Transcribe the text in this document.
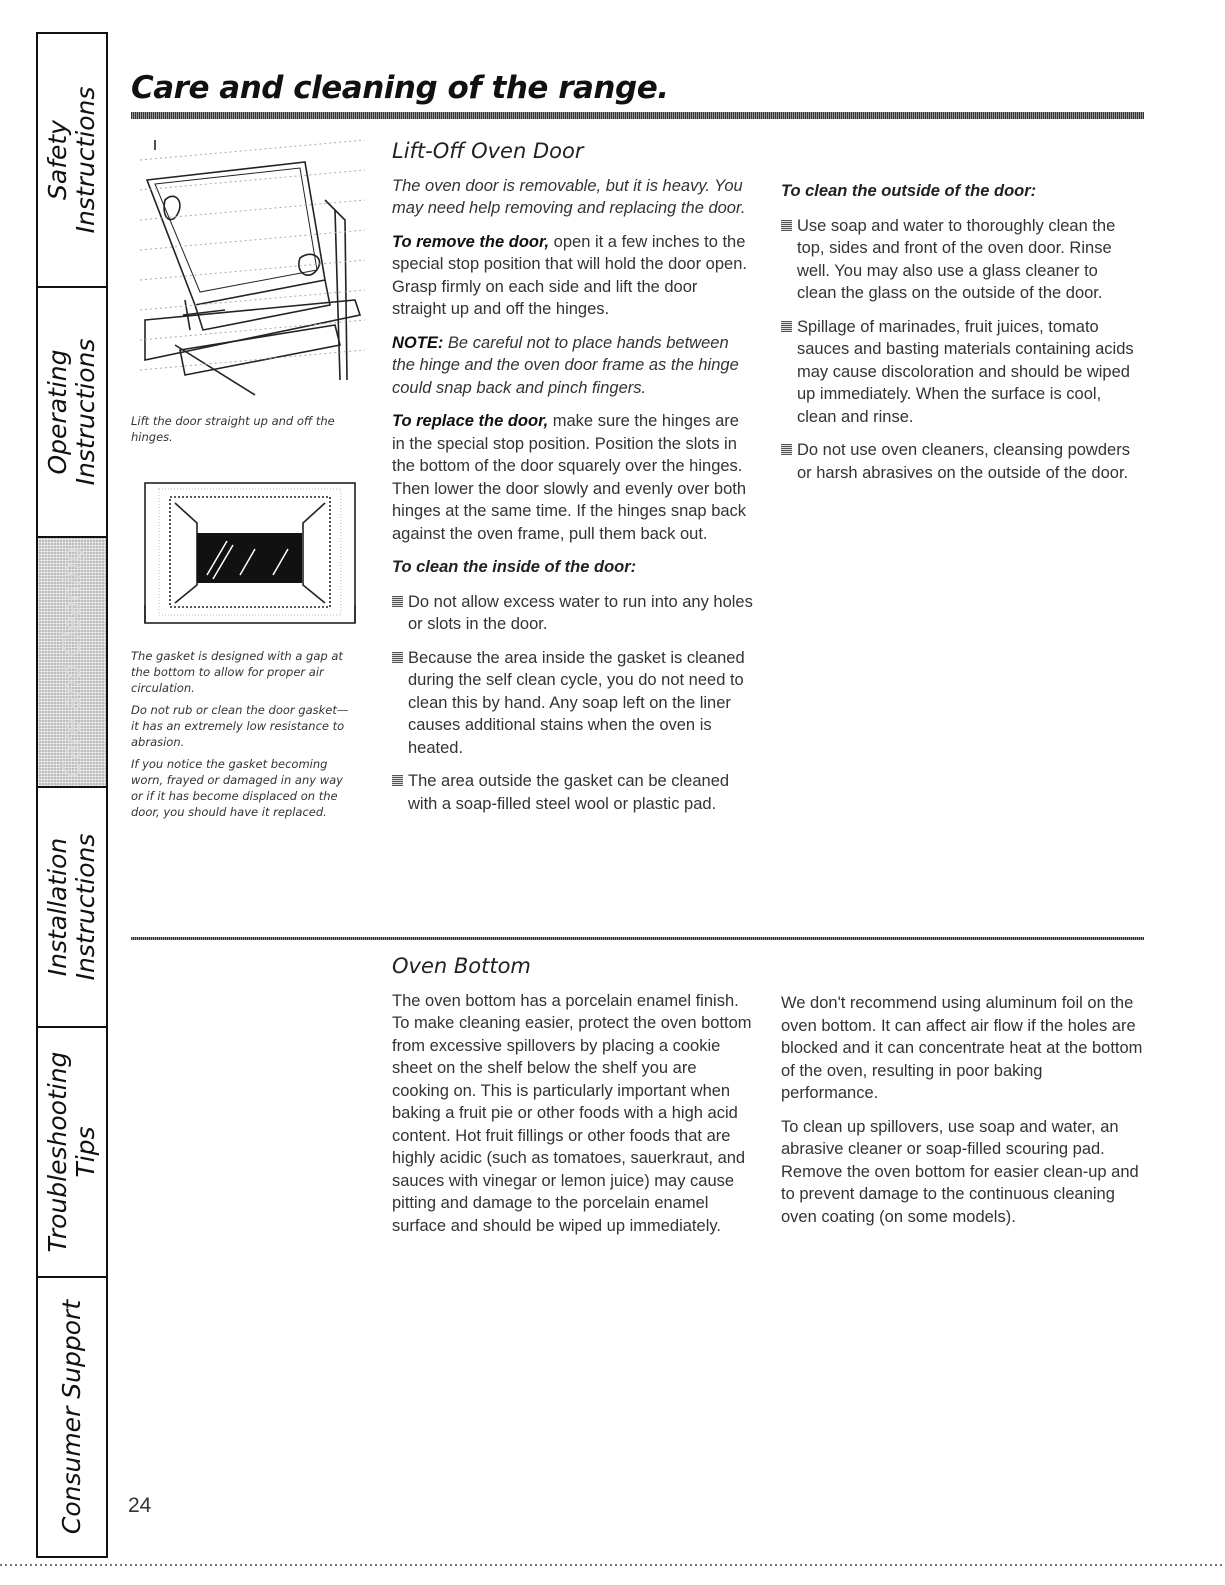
Safety
Instructions
Operating
Instructions
Care and Cleaning
Installation
Instructions
Troubleshooting
Tips
Consumer Support
Care and cleaning of the range.

Lift the door straight up and off the hinges.

The gasket is designed with a gap at the bottom to allow for proper air circulation.

Do not rub or clean the door gasket— it has an extremely low resistance to abrasion.

If you notice the gasket becoming worn, frayed or damaged in any way or if it has become displaced on the door, you should have it replaced.

Lift-Off Oven Door

The oven door is removable, but it is heavy. You may need help removing and replacing the door.

To remove the door, open it a few inches to the special stop position that will hold the door open. Grasp firmly on each side and lift the door straight up and off the hinges.

NOTE: Be careful not to place hands between the hinge and the oven door frame as the hinge could snap back and pinch fingers.

To replace the door, make sure the hinges are in the special stop position. Position the slots in the bottom of the door squarely over the hinges. Then lower the door slowly and evenly over both hinges at the same time. If the hinges snap back against the oven frame, pull them back out.

To clean the inside of the door:

Do not allow excess water to run into any holes or slots in the door.

Because the area inside the gasket is cleaned during the self clean cycle, you do not need to clean this by hand. Any soap left on the liner causes additional stains when the oven is heated.

The area outside the gasket can be cleaned with a soap-filled steel wool or plastic pad.

To clean the outside of the door:

Use soap and water to thoroughly clean the top, sides and front of the oven door. Rinse well. You may also use a glass cleaner to clean the glass on the outside of the door.

Spillage of marinades, fruit juices, tomato sauces and basting materials containing acids may cause discoloration and should be wiped up immediately. When the surface is cool, clean and rinse.

Do not use oven cleaners, cleansing powders or harsh abrasives on the outside of the door.

Oven Bottom

The oven bottom has a porcelain enamel finish. To make cleaning easier, protect the oven bottom from excessive spillovers by placing a cookie sheet on the shelf below the shelf you are cooking on. This is particularly important when baking a fruit pie or other foods with a high acid content. Hot fruit fillings or other foods that are highly acidic (such as tomatoes, sauerkraut, and sauces with vinegar or lemon juice) may cause pitting and damage to the porcelain enamel surface and should be wiped up immediately.

We don't recommend using aluminum foil on the oven bottom. It can affect air flow if the holes are blocked and it can concentrate heat at the bottom of the oven, resulting in poor baking performance.

To clean up spillovers, use soap and water, an abrasive cleaner or soap-filled scouring pad. Remove the oven bottom for easier clean-up and to prevent damage to the continuous cleaning oven coating (on some models).

24
